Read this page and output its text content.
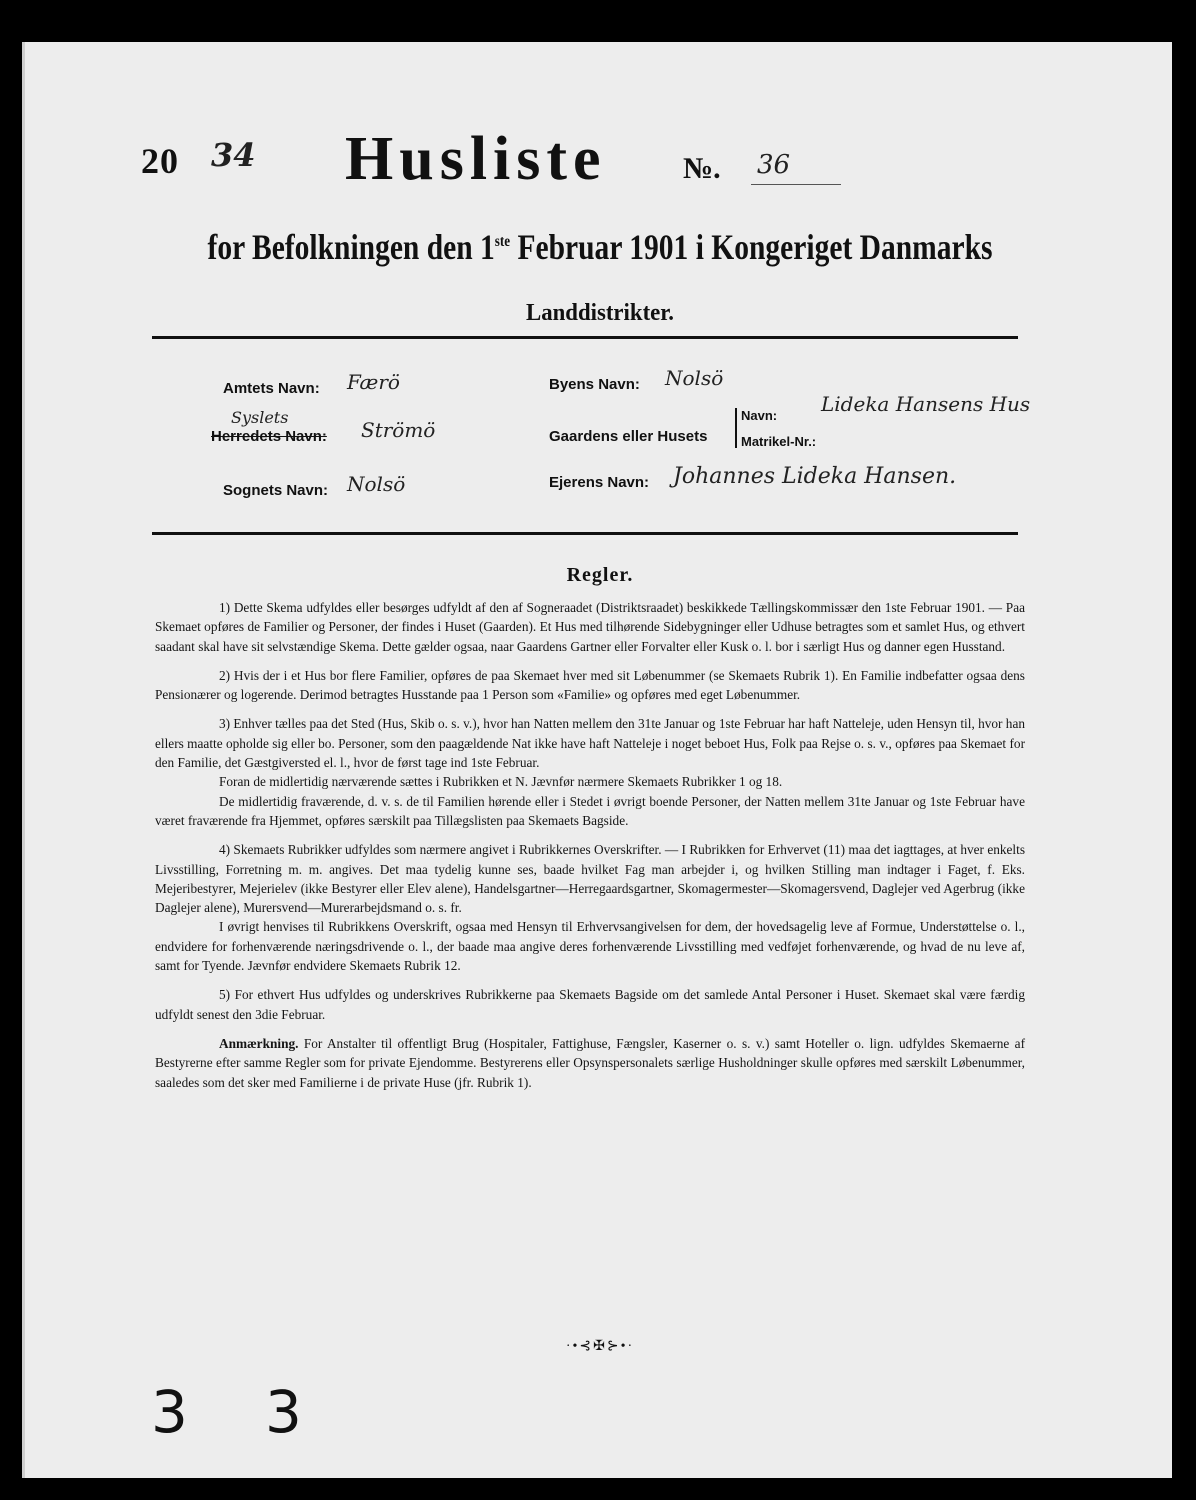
20 34 Husliste	№. 36
for Befolkningen den 1ste Februar 1901 i Kongeriget Danmarks
Landdistrikter.
Amtets Navn: Færö
Syslets
Herredets Navn: Strömö
Sognets Navn: Nolsö
Byens Navn: Nolsö
Gaardens eller Husets
Navn: Lideka Hansens Hus
Matrikel-Nr.:
Ejerens Navn: Johannes Lideka Hansen.
Regler.

1) Dette Skema udfyldes eller besørges udfyldt af den af Sogneraadet (Distriktsraadet) beskikkede Tællingskommissær den 1ste Februar 1901. — Paa Skemaet opføres de Familier og Personer, der findes i Huset (Gaarden). Et Hus med tilhørende Sidebygninger eller Udhuse betragtes som et samlet Hus, og ethvert saadant skal have sit selvstændige Skema. Dette gælder ogsaa, naar Gaardens Gartner eller Forvalter eller Kusk o. l. bor i særligt Hus og danner egen Husstand.

2) Hvis der i et Hus bor flere Familier, opføres de paa Skemaet hver med sit Løbenummer (se Skemaets Rubrik 1). En Familie indbefatter ogsaa dens Pensionærer og logerende. Derimod betragtes Husstande paa 1 Person som «Familie» og opføres med eget Løbenummer.

3) Enhver tælles paa det Sted (Hus, Skib o. s. v.), hvor han Natten mellem den 31te Januar og 1ste Februar har haft Natteleje, uden Hensyn til, hvor han ellers maatte opholde sig eller bo. Personer, som den paagældende Nat ikke have haft Natteleje i noget beboet Hus, Folk paa Rejse o. s. v., opføres paa Skemaet for den Familie, det Gæstgiversted el. l., hvor de først tage ind 1ste Februar.

Foran de midlertidig nærværende sættes i Rubrikken et N. Jævnfør nærmere Skemaets Rubrikker 1 og 18.

De midlertidig fraværende, d. v. s. de til Familien hørende eller i Stedet i øvrigt boende Personer, der Natten mellem 31te Januar og 1ste Februar have været fraværende fra Hjemmet, opføres særskilt paa Tillægslisten paa Skemaets Bagside.

4) Skemaets Rubrikker udfyldes som nærmere angivet i Rubrikkernes Overskrifter. — I Rubrikken for Erhvervet (11) maa det iagttages, at hver enkelts Livsstilling, Forretning m. m. angives. Det maa tydelig kunne ses, baade hvilket Fag man arbejder i, og hvilken Stilling man indtager i Faget, f. Eks. Mejeribestyrer, Mejerielev (ikke Bestyrer eller Elev alene), Handelsgartner—Herregaardsgartner, Skomagermester—Skomagersvend, Daglejer ved Agerbrug (ikke Daglejer alene), Murersvend—Murerarbejdsmand o. s. fr.

I øvrigt henvises til Rubrikkens Overskrift, ogsaa med Hensyn til Erhvervsangivelsen for dem, der hovedsagelig leve af Formue, Understøttelse o. l., endvidere for forhenværende næringsdrivende o. l., der baade maa angive deres forhenværende Livsstilling med vedføjet forhenværende, og hvad de nu leve af, samt for Tyende. Jævnfør endvidere Skemaets Rubrik 12.

5) For ethvert Hus udfyldes og underskrives Rubrikkerne paa Skemaets Bagside om det samlede Antal Personer i Huset. Skemaet skal være færdig udfyldt senest den 3die Februar.

Anmærkning. For Anstalter til offentligt Brug (Hospitaler, Fattighuse, Fængsler, Kaserner o. s. v.) samt Hoteller o. lign. udfyldes Skemaerne af Bestyrerne efter samme Regler som for private Ejendomme. Bestyrerens eller Opsynspersonalets særlige Husholdninger skulle opføres med særskilt Løbenummer, saaledes som det sker med Familierne i de private Huse (jfr. Rubrik 1).

·•⊰✠⊱•·
3 3
